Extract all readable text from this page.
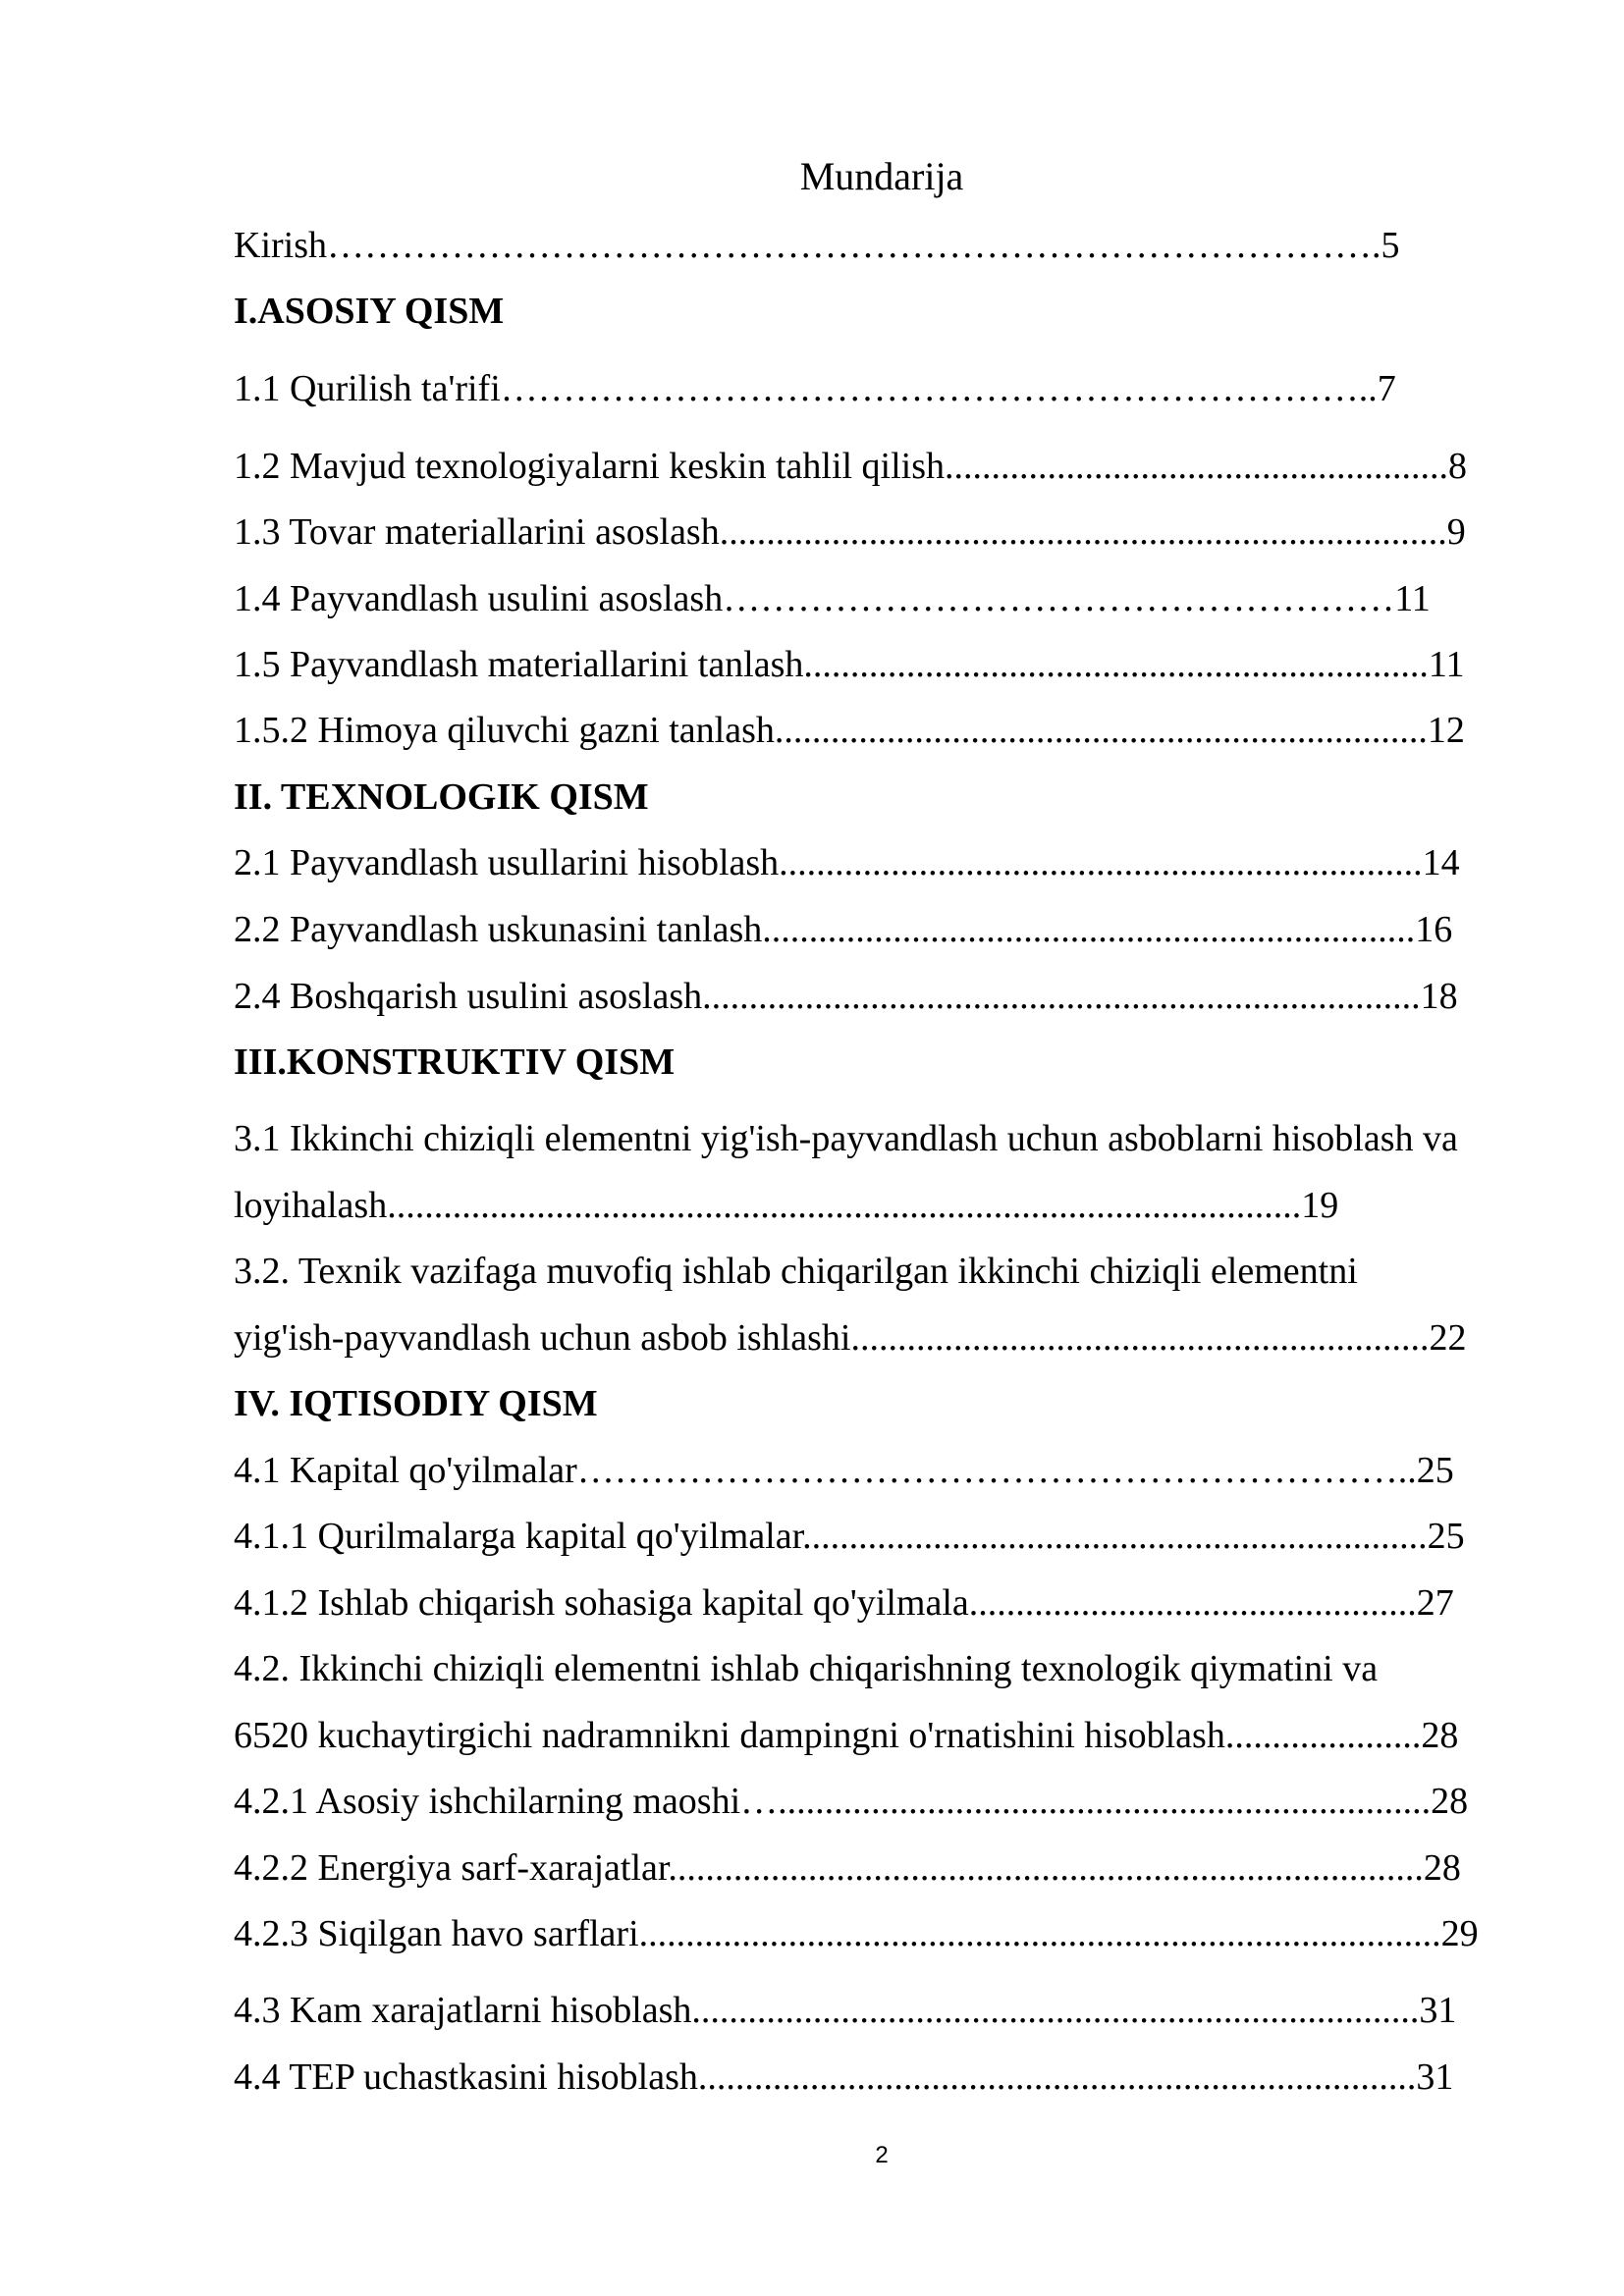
Mundarija
Kirish………………………………………………………………………….5
I.ASOSIY QISM
1.1 Qurilish ta'rifi……………………………………………………………..7
1.2 Mavjud texnologiyalarni keskin tahlil qilish......................................................8
1.3 Tovar materiallarini asoslash..............................................................................9
1.4 Payvandlash usulini asoslash………………………………………………11
1.5 Payvandlash materiallarini tanlash...................................................................11
1.5.2 Himoya qiluvchi gazni tanlash......................................................................12
II. TEXNOLOGIK QISM
2.1 Payvandlash usullarini hisoblash.....................................................................14
2.2 Payvandlash uskunasini tanlash......................................................................16
2.4 Boshqarish usulini asoslash.............................................................................18
III.KONSTRUKTIV QISM
3.1 Ikkinchi chiziqli elementni yig'ish-payvandlash uchun asboblarni hisoblash va
loyihalash..................................................................................................19
3.2. Texnik vazifaga muvofiq ishlab chiqarilgan ikkinchi chiziqli elementni
yig'ish-payvandlash uchun asbob ishlashi..............................................................22
IV. IQTISODIY QISM
4.1 Kapital qo'yilmalar…………………………………………………………..25
4.1.1 Qurilmalarga kapital qo'yilmalar...................................................................25
4.1.2 Ishlab chiqarish sohasiga kapital qo'yilmala................................................27
4.2. Ikkinchi chiziqli elementni ishlab chiqarishning texnologik qiymatini va
6520 kuchaytirgichi nadramnikni dampingni o'rnatishini hisoblash.....................28
4.2.1 Asosiy ishchilarning maoshi…......................................................................28
4.2.2 Energiya sarf-xarajatlar.................................................................................28
4.2.3 Siqilgan havo sarflari......................................................................................29
4.3 Kam xarajatlarni hisoblash..............................................................................31
4.4 TEP uchastkasini hisoblash.............................................................................31
2
